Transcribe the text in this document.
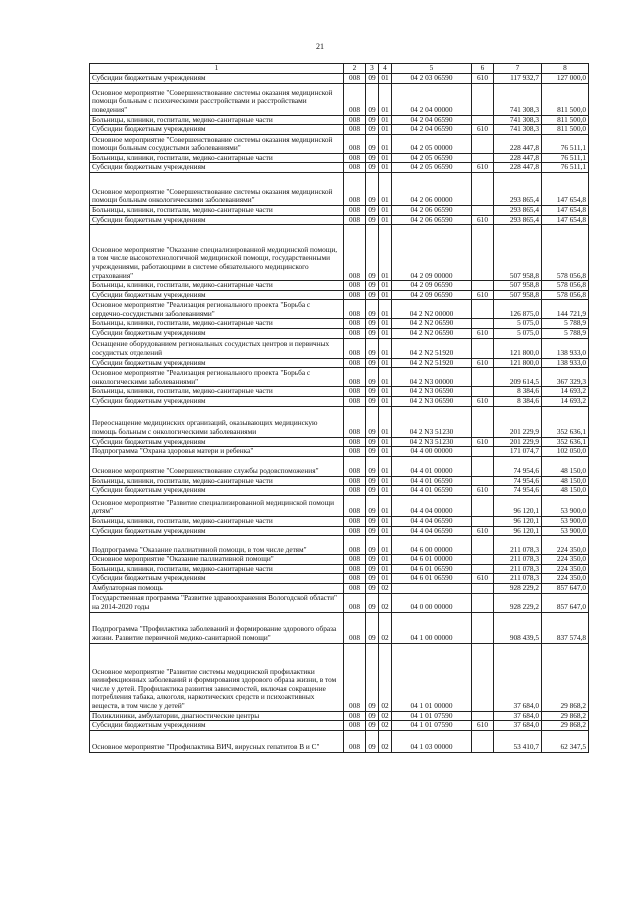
21
1	2	3	4	5	6	7	8
Субсидии бюджетным учреждениям	008	09	01	04 2 03 06590	610	117 932,7	127 000,0
Основное мероприятие "Совершенствование системы оказания медицинской помощи больным с психическими расстройствами и расстройствами поведения"	008	09	01	04 2 04 00000		741 308,3	811 500,0
Больницы, клиники, госпитали, медико-санитарные части	008	09	01	04 2 04 06590		741 308,3	811 500,0
Субсидии бюджетным учреждениям	008	09	01	04 2 04 06590	610	741 308,3	811 500,0
Основное мероприятие "Совершенствование системы оказания медицинской помощи больным сосудистыми заболеваниями"	008	09	01	04 2 05 00000		228 447,8	76 511,1
Больницы, клиники, госпитали, медико-санитарные части	008	09	01	04 2 05 06590		228 447,8	76 511,1
Субсидии бюджетным учреждениям	008	09	01	04 2 05 06590	610	228 447,8	76 511,1
Основное мероприятие "Совершенствование системы оказания медицинской помощи больным онкологическими заболеваниями"	008	09	01	04 2 06 00000		293 865,4	147 654,8
Больницы, клиники, госпитали, медико-санитарные части	008	09	01	04 2 06 06590		293 865,4	147 654,8
Субсидии бюджетным учреждениям	008	09	01	04 2 06 06590	610	293 865,4	147 654,8
Основное мероприятие "Оказание специализированной медицинской помощи, в том числе высокотехнологичной медицинской помощи, государственными учреждениями, работающими в системе обязательного медицинского страхования"	008	09	01	04 2 09 00000		507 958,8	578 056,8
Больницы, клиники, госпитали, медико-санитарные части	008	09	01	04 2 09 06590		507 958,8	578 056,8
Субсидии бюджетным учреждениям	008	09	01	04 2 09 06590	610	507 958,8	578 056,8
Основное мероприятие "Реализация регионального проекта "Борьба с сердечно-сосудистыми заболеваниями"	008	09	01	04 2 N2 00000		126 875,0	144 721,9
Больницы, клиники, госпитали, медико-санитарные части	008	09	01	04 2 N2 06590		5 075,0	5 788,9
Субсидии бюджетным учреждениям	008	09	01	04 2 N2 06590	610	5 075,0	5 788,9
Оснащение оборудованием региональных сосудистых центров и первичных сосудистых отделений	008	09	01	04 2 N2 51920		121 800,0	138 933,0
Субсидии бюджетным учреждениям	008	09	01	04 2 N2 51920	610	121 800,0	138 933,0
Основное мероприятие "Реализация регионального проекта "Борьба с онкологическими заболеваниями"	008	09	01	04 2 N3 00000		209 614,5	367 329,3
Больницы, клиники, госпитали, медико-санитарные части	008	09	01	04 2 N3 06590		8 384,6	14 693,2
Субсидии бюджетным учреждениям	008	09	01	04 2 N3 06590	610	8 384,6	14 693,2
Переоснащение медицинских организаций, оказывающих медицинскую помощь больным с онкологическими заболеваниями	008	09	01	04 2 N3 51230		201 229,9	352 636,1
Субсидии бюджетным учреждениям	008	09	01	04 2 N3 51230	610	201 229,9	352 636,1
Подпрограмма "Охрана здоровья матери и ребенка"	008	09	01	04 4 00 00000		171 074,7	102 050,0
Основное мероприятие "Совершенствование службы родовспоможения"	008	09	01	04 4 01 00000		74 954,6	48 150,0
Больницы, клиники, госпитали, медико-санитарные части	008	09	01	04 4 01 06590		74 954,6	48 150,0
Субсидии бюджетным учреждениям	008	09	01	04 4 01 06590	610	74 954,6	48 150,0
Основное мероприятие "Развитие специализированной медицинской помощи детям"	008	09	01	04 4 04 00000		96 120,1	53 900,0
Больницы, клиники, госпитали, медико-санитарные части	008	09	01	04 4 04 06590		96 120,1	53 900,0
Субсидии бюджетным учреждениям	008	09	01	04 4 04 06590	610	96 120,1	53 900,0
Подпрограмма "Оказание паллиативной помощи, в том числе детям"	008	09	01	04 6 00 00000		211 078,3	224 350,0
Основное мероприятие "Оказание паллиативной помощи"	008	09	01	04 6 01 00000		211 078,3	224 350,0
Больницы, клиники, госпитали, медико-санитарные части	008	09	01	04 6 01 06590		211 078,3	224 350,0
Субсидии бюджетным учреждениям	008	09	01	04 6 01 06590	610	211 078,3	224 350,0
Амбулаторная помощь	008	09	02			928 229,2	857 647,0
Государственная программа "Развитие здравоохранения Вологодской области" на 2014-2020 годы	008	09	02	04 0 00 00000		928 229,2	857 647,0
Подпрограмма "Профилактика заболеваний и формирование здорового образа жизни. Развитие первичной медико-санитарной помощи"	008	09	02	04 1 00 00000		908 439,5	837 574,8
Основное мероприятие "Развитие системы медицинской профилактики неинфекционных заболеваний и формирования здорового образа жизни, в том числе у детей. Профилактика развития зависимостей, включая сокращение потребления табака, алкоголя, наркотических средств и психоактивных веществ, в том числе у детей"	008	09	02	04 1 01 00000		37 684,0	29 868,2
Поликлиники, амбулатории, диагностические центры	008	09	02	04 1 01 07590		37 684,0	29 868,2
Субсидии бюджетным учреждениям	008	09	02	04 1 01 07590	610	37 684,0	29 868,2
Основное мероприятие "Профилактика ВИЧ, вирусных гепатитов В и С"	008	09	02	04 1 03 00000		53 410,7	62 347,5
